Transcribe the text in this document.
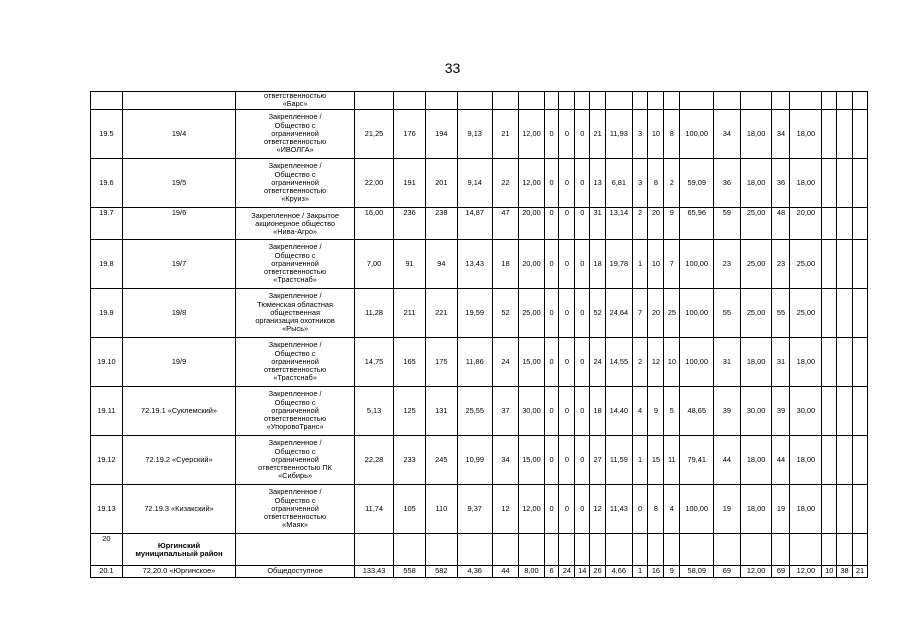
33
		ответственностью
«Барс»																						
19.5	19/4	Закрепленное /
Общество с
ограниченной
ответственностью
«ИВОЛГА»	21,25	176	194	9,13	21	12,00	0	0	0	21	11,93	3	10	8	100,00	34	18,00	34	18,00			
19.6	19/5	Закрепленное /
Общество с
ограниченной
ответственностью
«Круиз»	22,00	191	201	9,14	22	12,00	0	0	0	13	6,81	3	8	2	59,09	36	18,00	36	18,00			
19.7	19/6	Закрепленное / Закрытое
акционерное общество
«Нива-Агро»	16,00	236	238	14,87	47	20,00	0	0	0	31	13,14	2	20	9	65,96	59	25,00	48	20,00			
19.8	19/7	Закрепленное /
Общество с
ограниченной
ответственностью
«Трастснаб»	7,00	91	94	13,43	18	20,00	0	0	0	18	19,78	1	10	7	100,00	23	25,00	23	25,00			
19.9	19/8	Закрепленное /
Тюменская областная
общественная
организация охотников
«Рысь»	11,28	211	221	19,59	52	25,00	0	0	0	52	24,64	7	20	25	100,00	55	25,00	55	25,00			
19.10	19/9	Закрепленное /
Общество с
ограниченной
ответственностью
«Трастснаб»	14,75	165	175	11,86	24	15,00	0	0	0	24	14,55	2	12	10	100,00	31	18,00	31	18,00			
19.11	72.19.1 «Суклемский»	Закрепленное /
Общество с
ограниченной
ответственностью
«УпоровоТранс»	5,13	125	131	25,55	37	30,00	0	0	0	18	14,40	4	9	5	48,65	39	30,00	39	30,00			
19.12	72.19.2 «Суерский»	Закрепленное /
Общество с
ограниченной
ответственностью ПК
«Сибирь»	22,28	233	245	10,99	34	15,00	0	0	0	27	11,59	1	15	11	79,41	44	18,00	44	18,00			
19.13	72.19.3 «Кизакский»	Закрепленное /
Общество с
ограниченной
ответственностью
«Маяк»	11,74	105	110	9,37	12	12,00	0	0	0	12	11,43	0	8	4	100,00	19	18,00	19	18,00			
20	Юргинский
муниципальный район																							
20.1	72.20.0 «Юргинское»	Общедоступное	133,43	558	582	4,36	44	8,00	6	24	14	26	4,66	1	16	9	58,09	69	12,00	69	12,00	10	38	21
